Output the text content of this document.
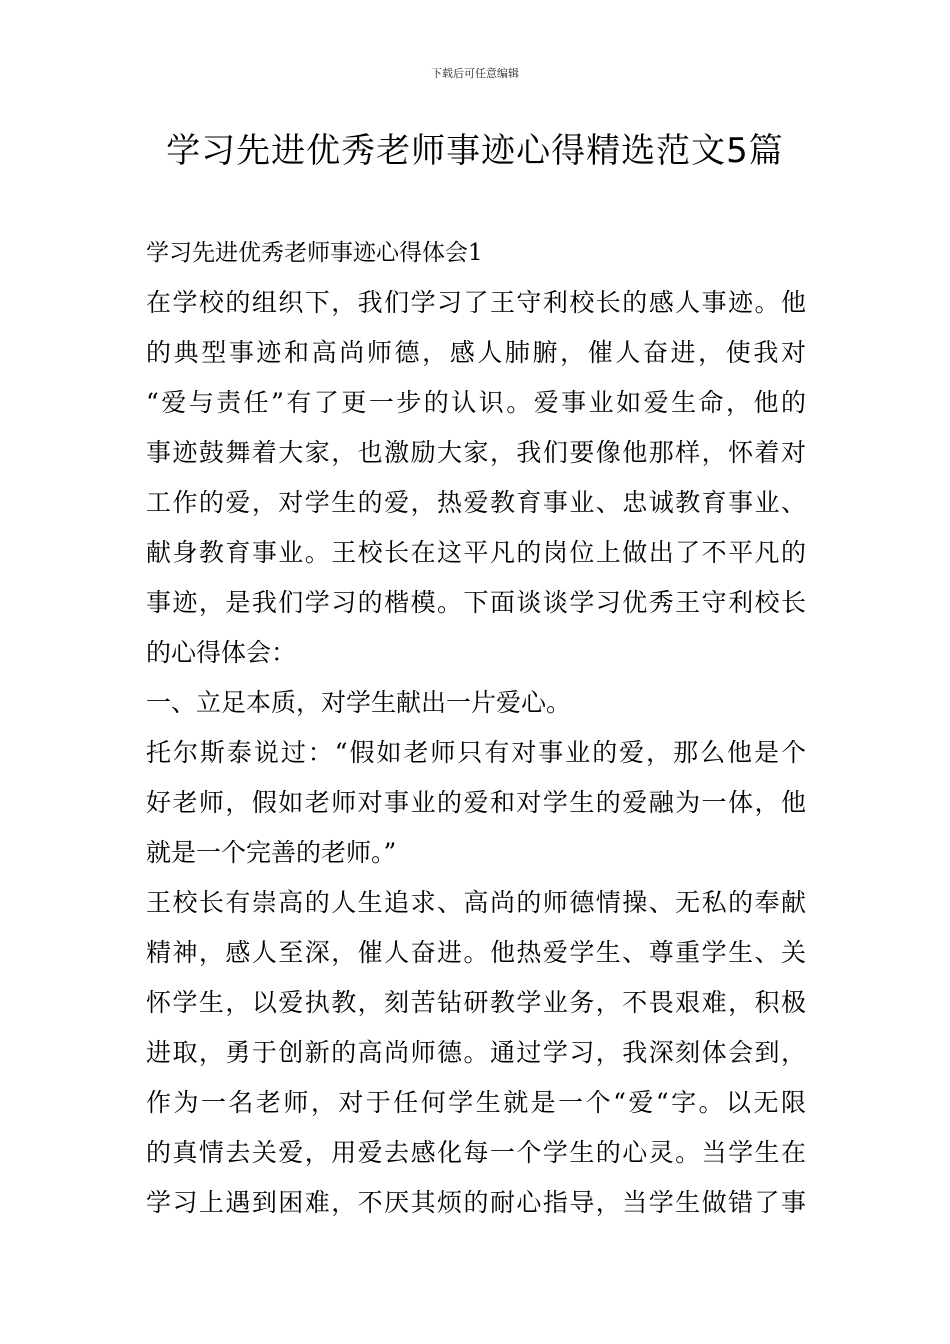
下载后可任意编辑
学习先进优秀老师事迹心得精选范文5篇
学习先进优秀老师事迹心得体会1
在学校的组织下，我们学习了王守利校长的感人事迹。他
的典型事迹和高尚师德，感人肺腑，催人奋进，使我对
“爱与责任”有了更一步的认识。爱事业如爱生命，他的
事迹鼓舞着大家，也激励大家，我们要像他那样，怀着对
工作的爱，对学生的爱，热爱教育事业、忠诚教育事业、
献身教育事业。王校长在这平凡的岗位上做出了不平凡的
事迹，是我们学习的楷模。下面谈谈学习优秀王守利校长
的心得体会：
一、立足本质，对学生献出一片爱心。
托尔斯泰说过：“假如老师只有对事业的爱，那么他是个
好老师，假如老师对事业的爱和对学生的爱融为一体，他
就是一个完善的老师。”
王校长有崇高的人生追求、高尚的师德情操、无私的奉献
精神，感人至深，催人奋进。他热爱学生、尊重学生、关
怀学生，以爱执教，刻苦钻研教学业务，不畏艰难，积极
进取，勇于创新的高尚师德。通过学习，我深刻体会到，
作为一名老师，对于任何学生就是一个“爱“字。以无限
的真情去关爱，用爱去感化每一个学生的心灵。当学生在
学习上遇到困难，不厌其烦的耐心指导，当学生做错了事
